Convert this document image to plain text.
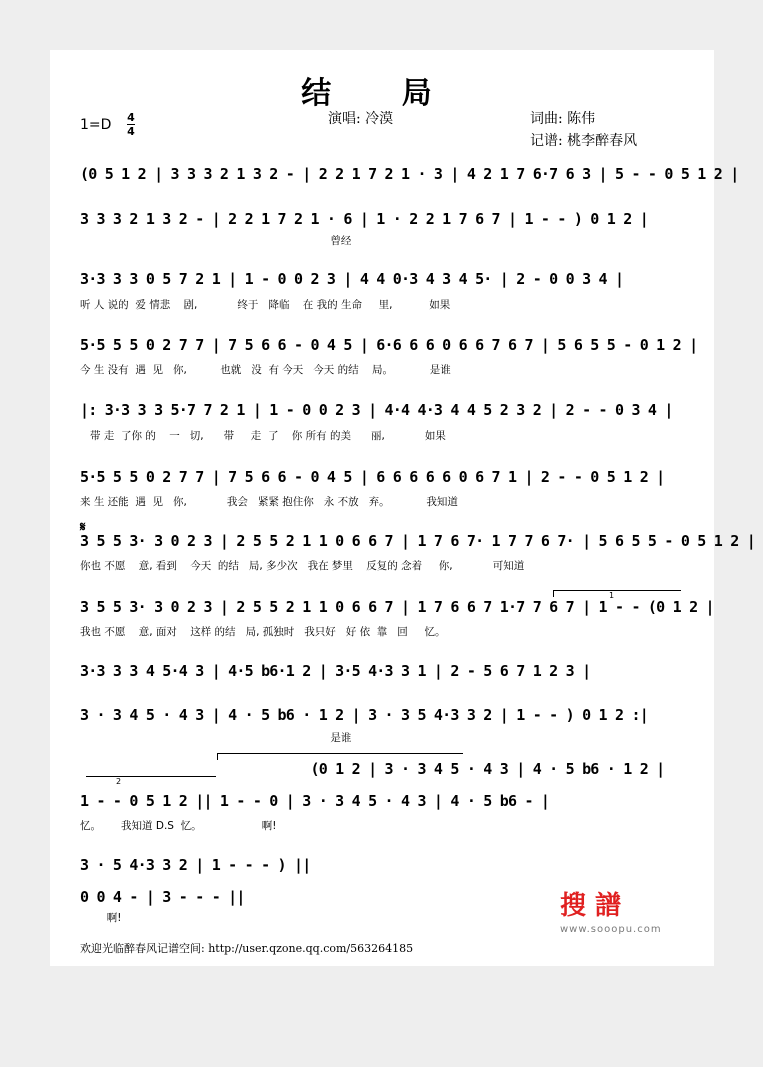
结 局
演唱: 冷漠	词曲: 陈伟
记谱: 桃李醉春风
1=D 4
4
(0 5 1 2 | 3 3 3 2 1 3 2 - | 2 2 1 7 2 1 · 3 | 4 2 1 7 6·7 6 3 | 5 - - 0 5 1 2 |
3 3 3 2 1 3 2 - | 2 2 1 7 2 1 · 6 | 1 · 2 2 1 7 6 7 | 1 - - ) 0 1 2 |
曾经
3·3 3 3 0 5 7 2 1 | 1 - 0 0 2 3 | 4 4 0·3 4 3 4 5· | 2 - 0 0 3 4 |
听 人 说的  爱 情悲    剧,            终于   降临    在 我的 生命     里,           如果
5·5 5 5 0 2 7 7 | 7 5 6 6 - 0 4 5 | 6·6 6 6 0 6 6 7 6 7 | 5 6 5 5 - 0 1 2 |
今 生 没有  遇  见   你,          也就   没  有 今天   今天 的结    局。           是谁
|: 3·3 3 3 5·7 7 2 1 | 1 - 0 0 2 3 | 4·4 4·3 4 4 5 2 3 2 | 2 - - 0 3 4 |
带 走  了你 的    一   切,      带     走  了    你 所有 的美      丽,            如果
5·5 5 5 0 2 7 7 | 7 5 6 6 - 0 4 5 | 6 6 6 6 6 0 6 7 1 | 2 - - 0 5 1 2 |
来 生 还能  遇  见   你,            我会   紧紧 抱住你   永 不放   弃。           我知道
𝄋
3 5 5 3· 3 0 2 3 | 2 5 5 2 1 1 0 6 6 7 | 1 7 6 7· 1 7 7 6 7· | 5 6 5 5 - 0 5 1 2 |
你也 不愿    意, 看到    今天  的结   局, 多少次   我在 梦里    反复的 念着     你,            可知道
1
3 5 5 3· 3 0 2 3 | 2 5 5 2 1 1 0 6 6 7 | 1 7 6 6 7 1·7 7 6 7 | 1 - - (0 1 2 |
我也 不愿    意, 面对    这样 的结   局, 孤独时   我只好   好 依  靠   回     忆。
3·3 3 3 4 5·4 3 | 4·5 b6·1 2 | 3·5 4·3 3 1 | 2 - 5 6 7 1 2 3 |
3 · 3 4 5 · 4 3 | 4 · 5 b6 · 1 2 | 3 · 3 5 4·3 3 2 | 1 - - ) 0 1 2 :|
是谁
(0 1 2 | 3 · 3 4 5 · 4 3 | 4 · 5 b6 · 1 2 |
2
1 - - 0 5 1 2 || 1 - - 0 | 3 · 3 4 5 · 4 3 | 4 · 5 b6 - |
忆。      我知道 D.S  忆。                  啊!
3 · 5 4·3 3 2 | 1 - - - ) ||
0 0 4 - | 3 - - - ||
啊!	搜 譜
www.sooopu.com
欢迎光临醉春风记谱空间: http://user.qzone.qq.com/563264185
